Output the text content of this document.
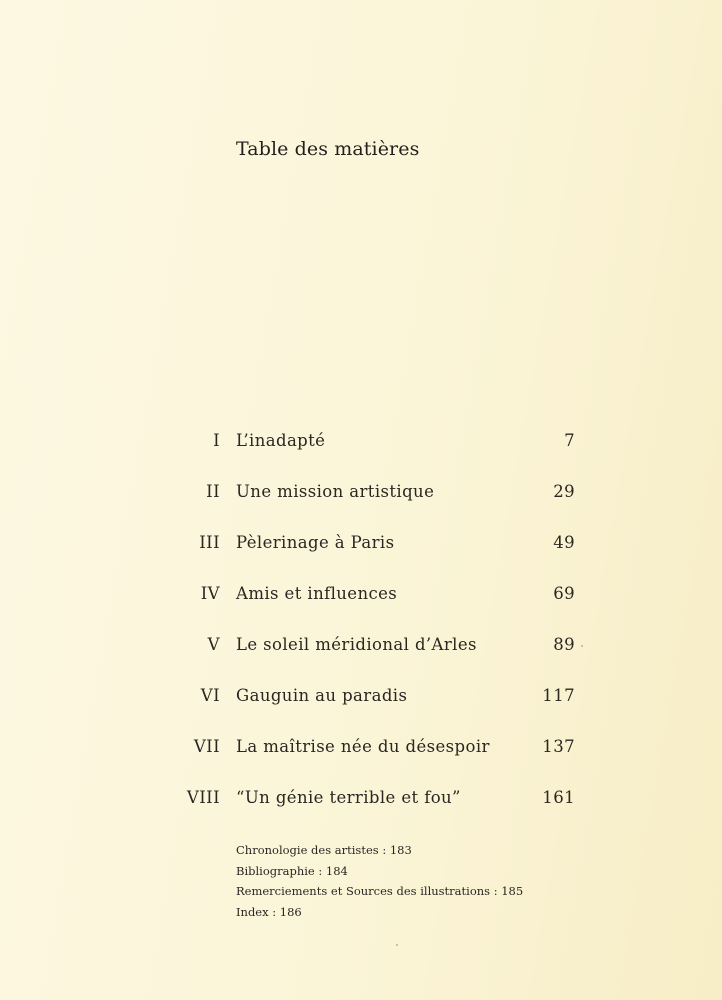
Table des matières
I L’inadapté	7
II Une mission artistique	29
III Pèlerinage à Paris	49
IV Amis et influences	69
V Le soleil méridional d’Arles	89
VI Gauguin au paradis	117
VII La maîtrise née du désespoir	137
VIII “Un génie terrible et fou”	161
Chronologie des artistes : 183
Bibliographie : 184
Remerciements et Sources des illustrations : 185
Index : 186
